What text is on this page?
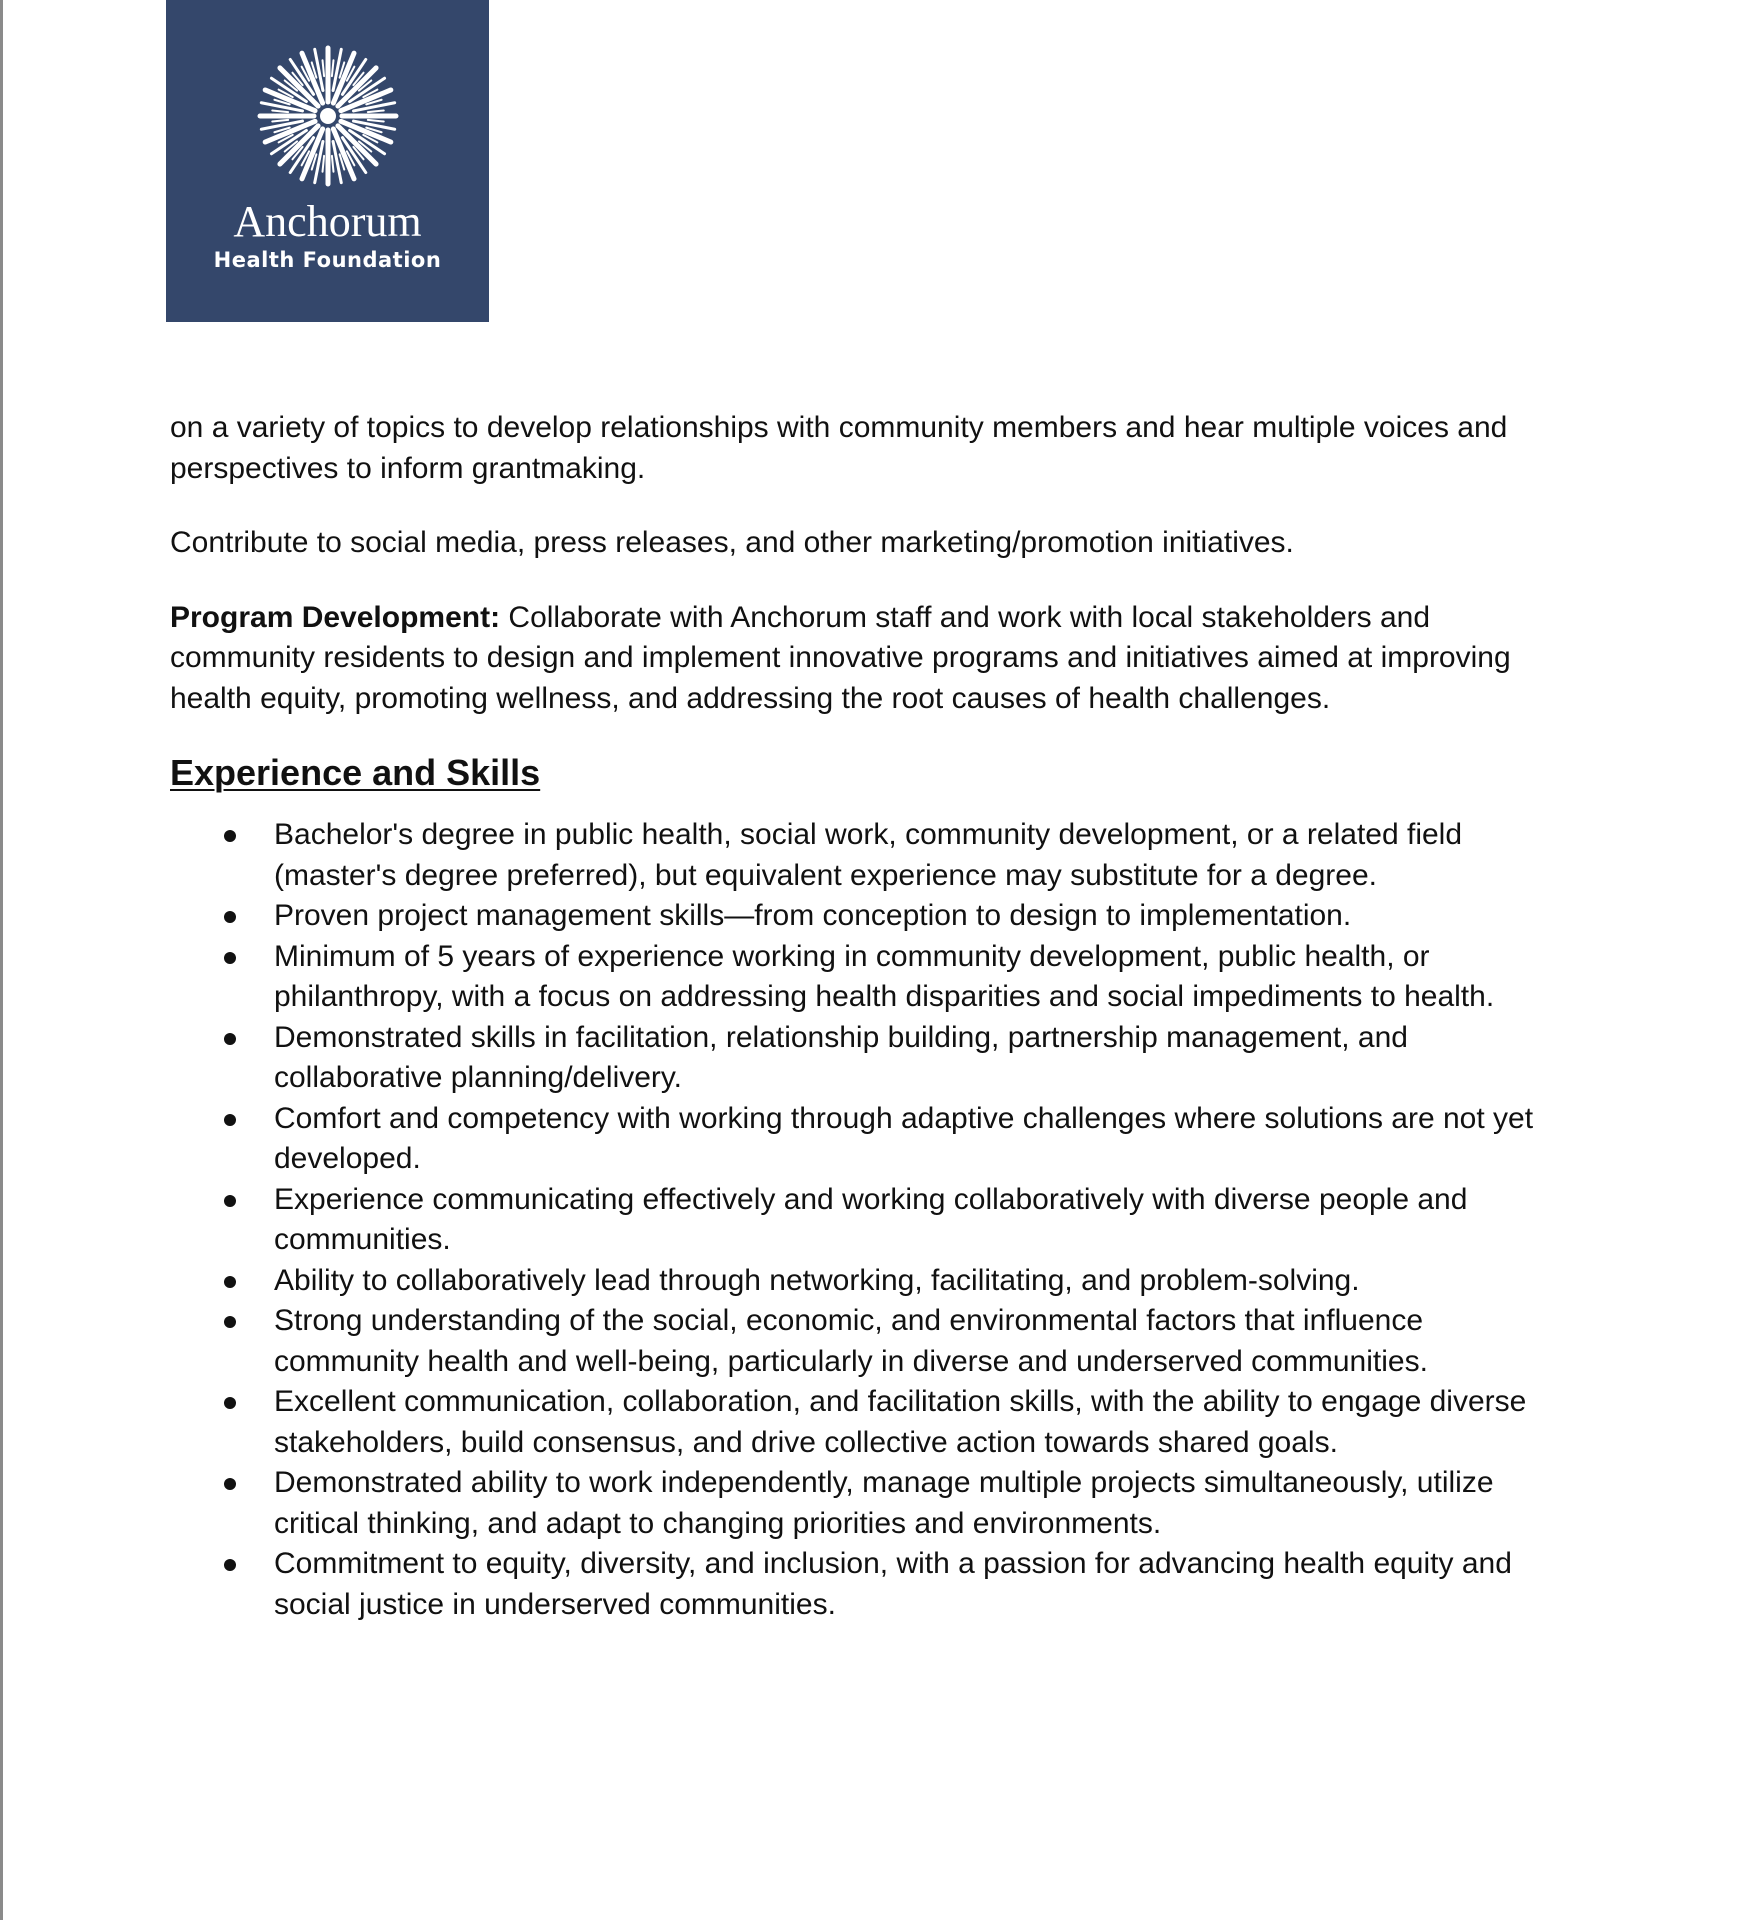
Anchorum
Health Foundation

on a variety of topics to develop relationships with community members and hear multiple voices and perspectives to inform grantmaking.

Contribute to social media, press releases, and other marketing/promotion initiatives.

Program Development: Collaborate with Anchorum staff and work with local stakeholders and community residents to design and implement innovative programs and initiatives aimed at improving health equity, promoting wellness, and addressing the root causes of health challenges.

Experience and Skills
Bachelor's degree in public health, social work, community development, or a related field (master's degree preferred), but equivalent experience may substitute for a degree.
Proven project management skills—from conception to design to implementation.
Minimum of 5 years of experience working in community development, public health, or philanthropy, with a focus on addressing health disparities and social impediments to health.
Demonstrated skills in facilitation, relationship building, partnership management, and collaborative planning/delivery.
Comfort and competency with working through adaptive challenges where solutions are not yet developed.
Experience communicating effectively and working collaboratively with diverse people and communities.
Ability to collaboratively lead through networking, facilitating, and problem-solving.
Strong understanding of the social, economic, and environmental factors that influence community health and well-being, particularly in diverse and underserved communities.
Excellent communication, collaboration, and facilitation skills, with the ability to engage diverse stakeholders, build consensus, and drive collective action towards shared goals.
Demonstrated ability to work independently, manage multiple projects simultaneously, utilize critical thinking, and adapt to changing priorities and environments.
Commitment to equity, diversity, and inclusion, with a passion for advancing health equity and social justice in underserved communities.
